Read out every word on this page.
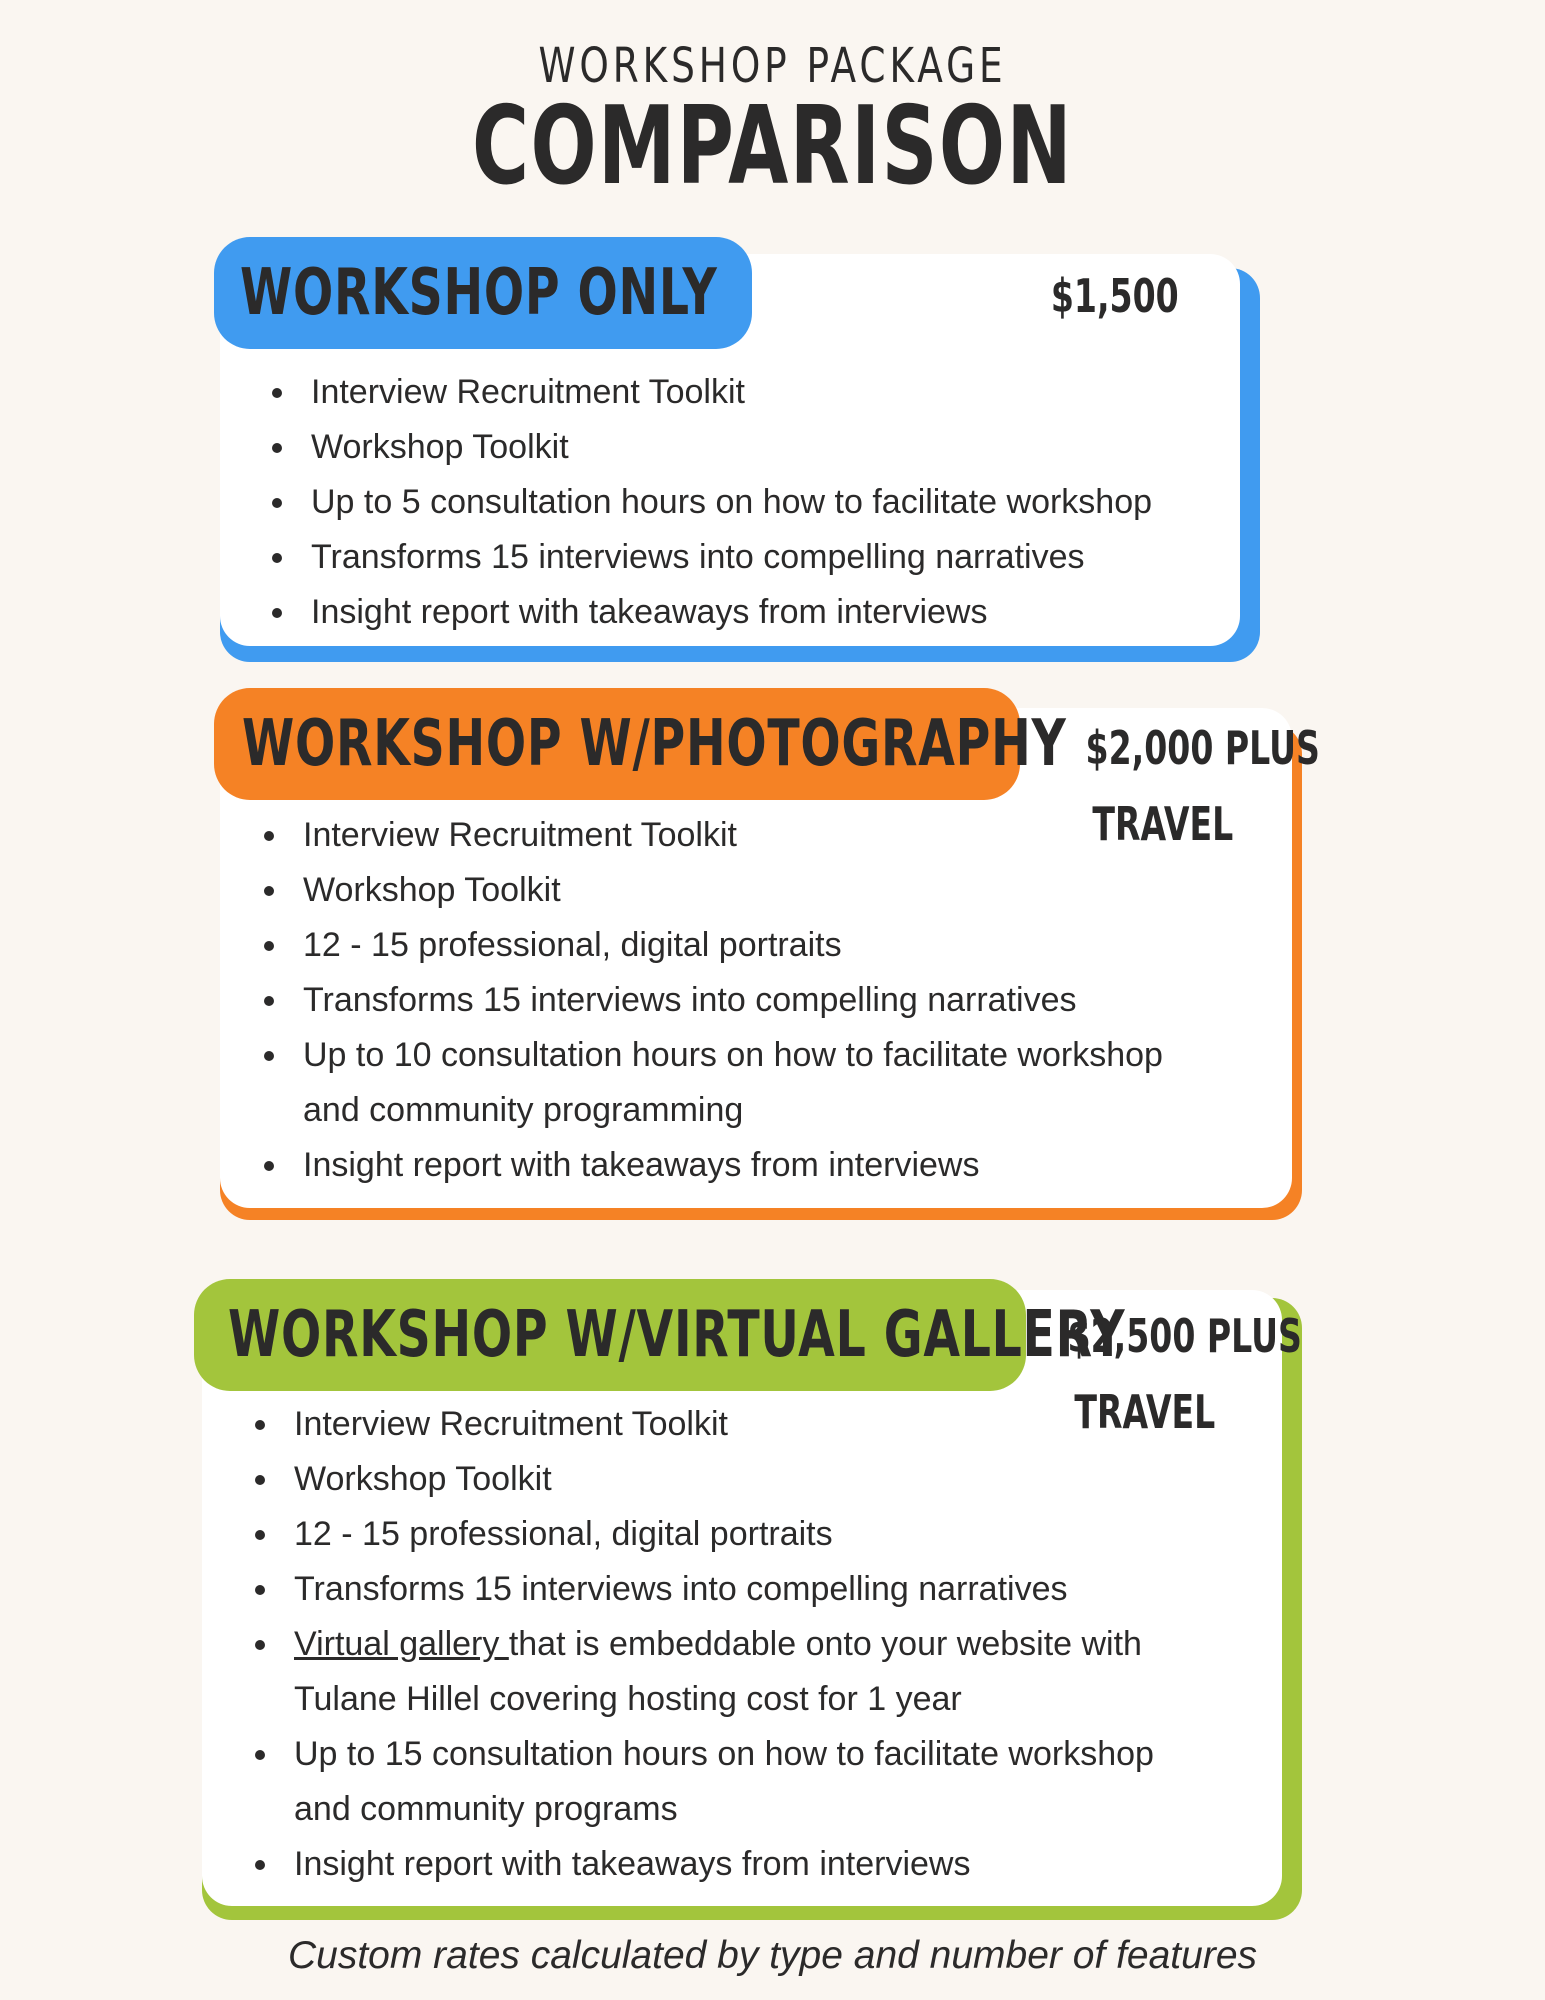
WORKSHOP PACKAGE
COMPARISON
WORKSHOP ONLY	$1,500
Interview Recruitment Toolkit
Workshop Toolkit
Up to 5 consultation hours on how to facilitate workshop
Transforms 15 interviews into compelling narratives
Insight report with takeaways from interviews
WORKSHOP W/PHOTOGRAPHY $2,000 PLUS
TRAVEL
Interview Recruitment Toolkit
Workshop Toolkit
12 - 15 professional, digital portraits
Transforms 15 interviews into compelling narratives
Up to 10 consultation hours on how to facilitate workshop
and community programming
Insight report with takeaways from interviews
WORKSHOP W/VIRTUAL GALLERY
$2,500 PLUS
TRAVEL
Interview Recruitment Toolkit
Workshop Toolkit
12 - 15 professional, digital portraits
Transforms 15 interviews into compelling narratives
Virtual gallery that is embeddable onto your website with
Tulane Hillel covering hosting cost for 1 year
Up to 15 consultation hours on how to facilitate workshop
and community programs
Insight report with takeaways from interviews
Custom rates calculated by type and number of features
